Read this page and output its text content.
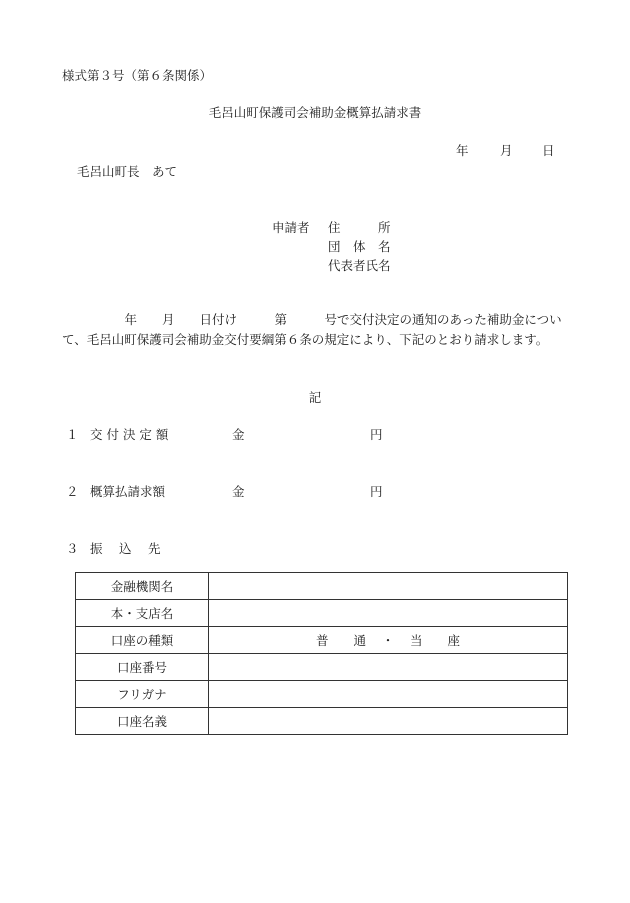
様式第３号（第６条関係）
毛呂山町保護司会補助金概算払請求書
年	月 日
毛呂山町長　あて
申請者 住　　　所
団　体　名
代表者氏名
　　　　　年　　月　　日付け　　　第　　　号で交付決定の通知のあった補助金について、毛呂山町保護司会補助金交付要綱第６条の規定により、下記のとおり請求します。
記
１ 交 付 決 定 額	金	円
２ 概算払請求額	金	円
３ 振　 込　 先
金融機関名	
本・支店名	
口座の種類	普　　通 ・ 当　　座
口座番号	
フリガナ	
口座名義	
